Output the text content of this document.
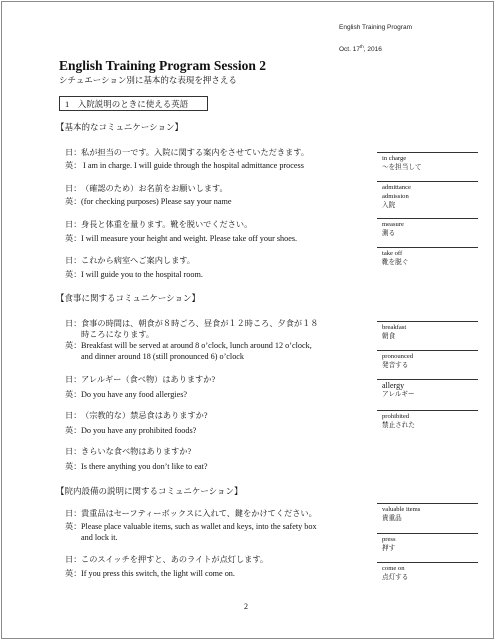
English Training Program
Oct. 17th, 2016
English Training Program Session 2
シチュエーション別に基本的な表現を押さえる
1　入院説明のときに使える英語
【基本的なコミュニケーション】
日：私が担当の一です。入院に関する案内をさせていただきます。
英： I am in charge. I will guide through the hospital admittance process
日：（確認のため）お名前をお願いします。
英：(for checking purposes) Please say your name
日：身長と体重を量ります。靴を脱いでください。
英：I will measure your height and weight. Please take off your shoes.
日：これから病室へご案内します。
英：I will guide you to the hospital room.
【食事に関するコミュニケーション】
日：食事の時間は、朝食が８時ごろ、昼食が１２時ころ、夕食が１８
時ころになります。
英：Breakfast will be served at around 8 o’clock, lunch around 12 o’clock,
and dinner around 18 (still pronounced 6) o’clock
日：アレルギー（食べ物）はありますか?
英：Do you have any food allergies?
日：（宗教的な）禁忌食はありますか?
英：Do you have any prohibited foods?
日：きらいな食べ物はありますか?
英：Is there anything you don’t like to eat?
【院内設備の説明に関するコミュニケーション】
日：貴重品はセーフティーボックスに入れて、鍵をかけてください。
英：Please place valuable items, such as wallet and keys, into the safety box
and lock it.
日：このスイッチを押すと、あのライトが点灯します。
英：If you press this switch, the light will come on.
in charge
～を担当して
admittance
admission
入院
measure
測る
take off
靴を脱ぐ
breakfast
朝食
pronounced
発音する
allergy
アレルギー
prohibited
禁止された
valuable items
貴重品
press
押す
come on
点灯する
2
